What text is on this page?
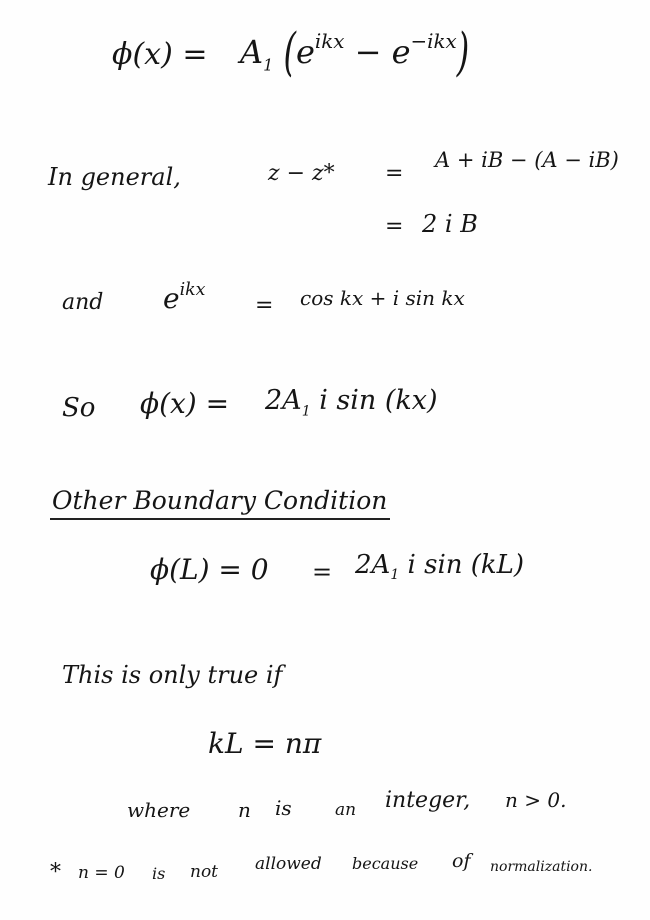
$\phi(x) = A_1$ $(e^{ikx} - e^{-ikx})$
In general,	z − z* =
A + iB − (A − iB)
= 2 i B
and $e^{ikx}$
= cos kx + i sin kx
So $\phi(x) = 2A_1$ i sin (kx)
Other Boundary Condition
$\phi(L) = 0 = 2A_1$ i sin (kL)
This is only true if
kL = nπ
where n is	an integer, n > 0.
* n = 0 is not allowed because of normalization.
